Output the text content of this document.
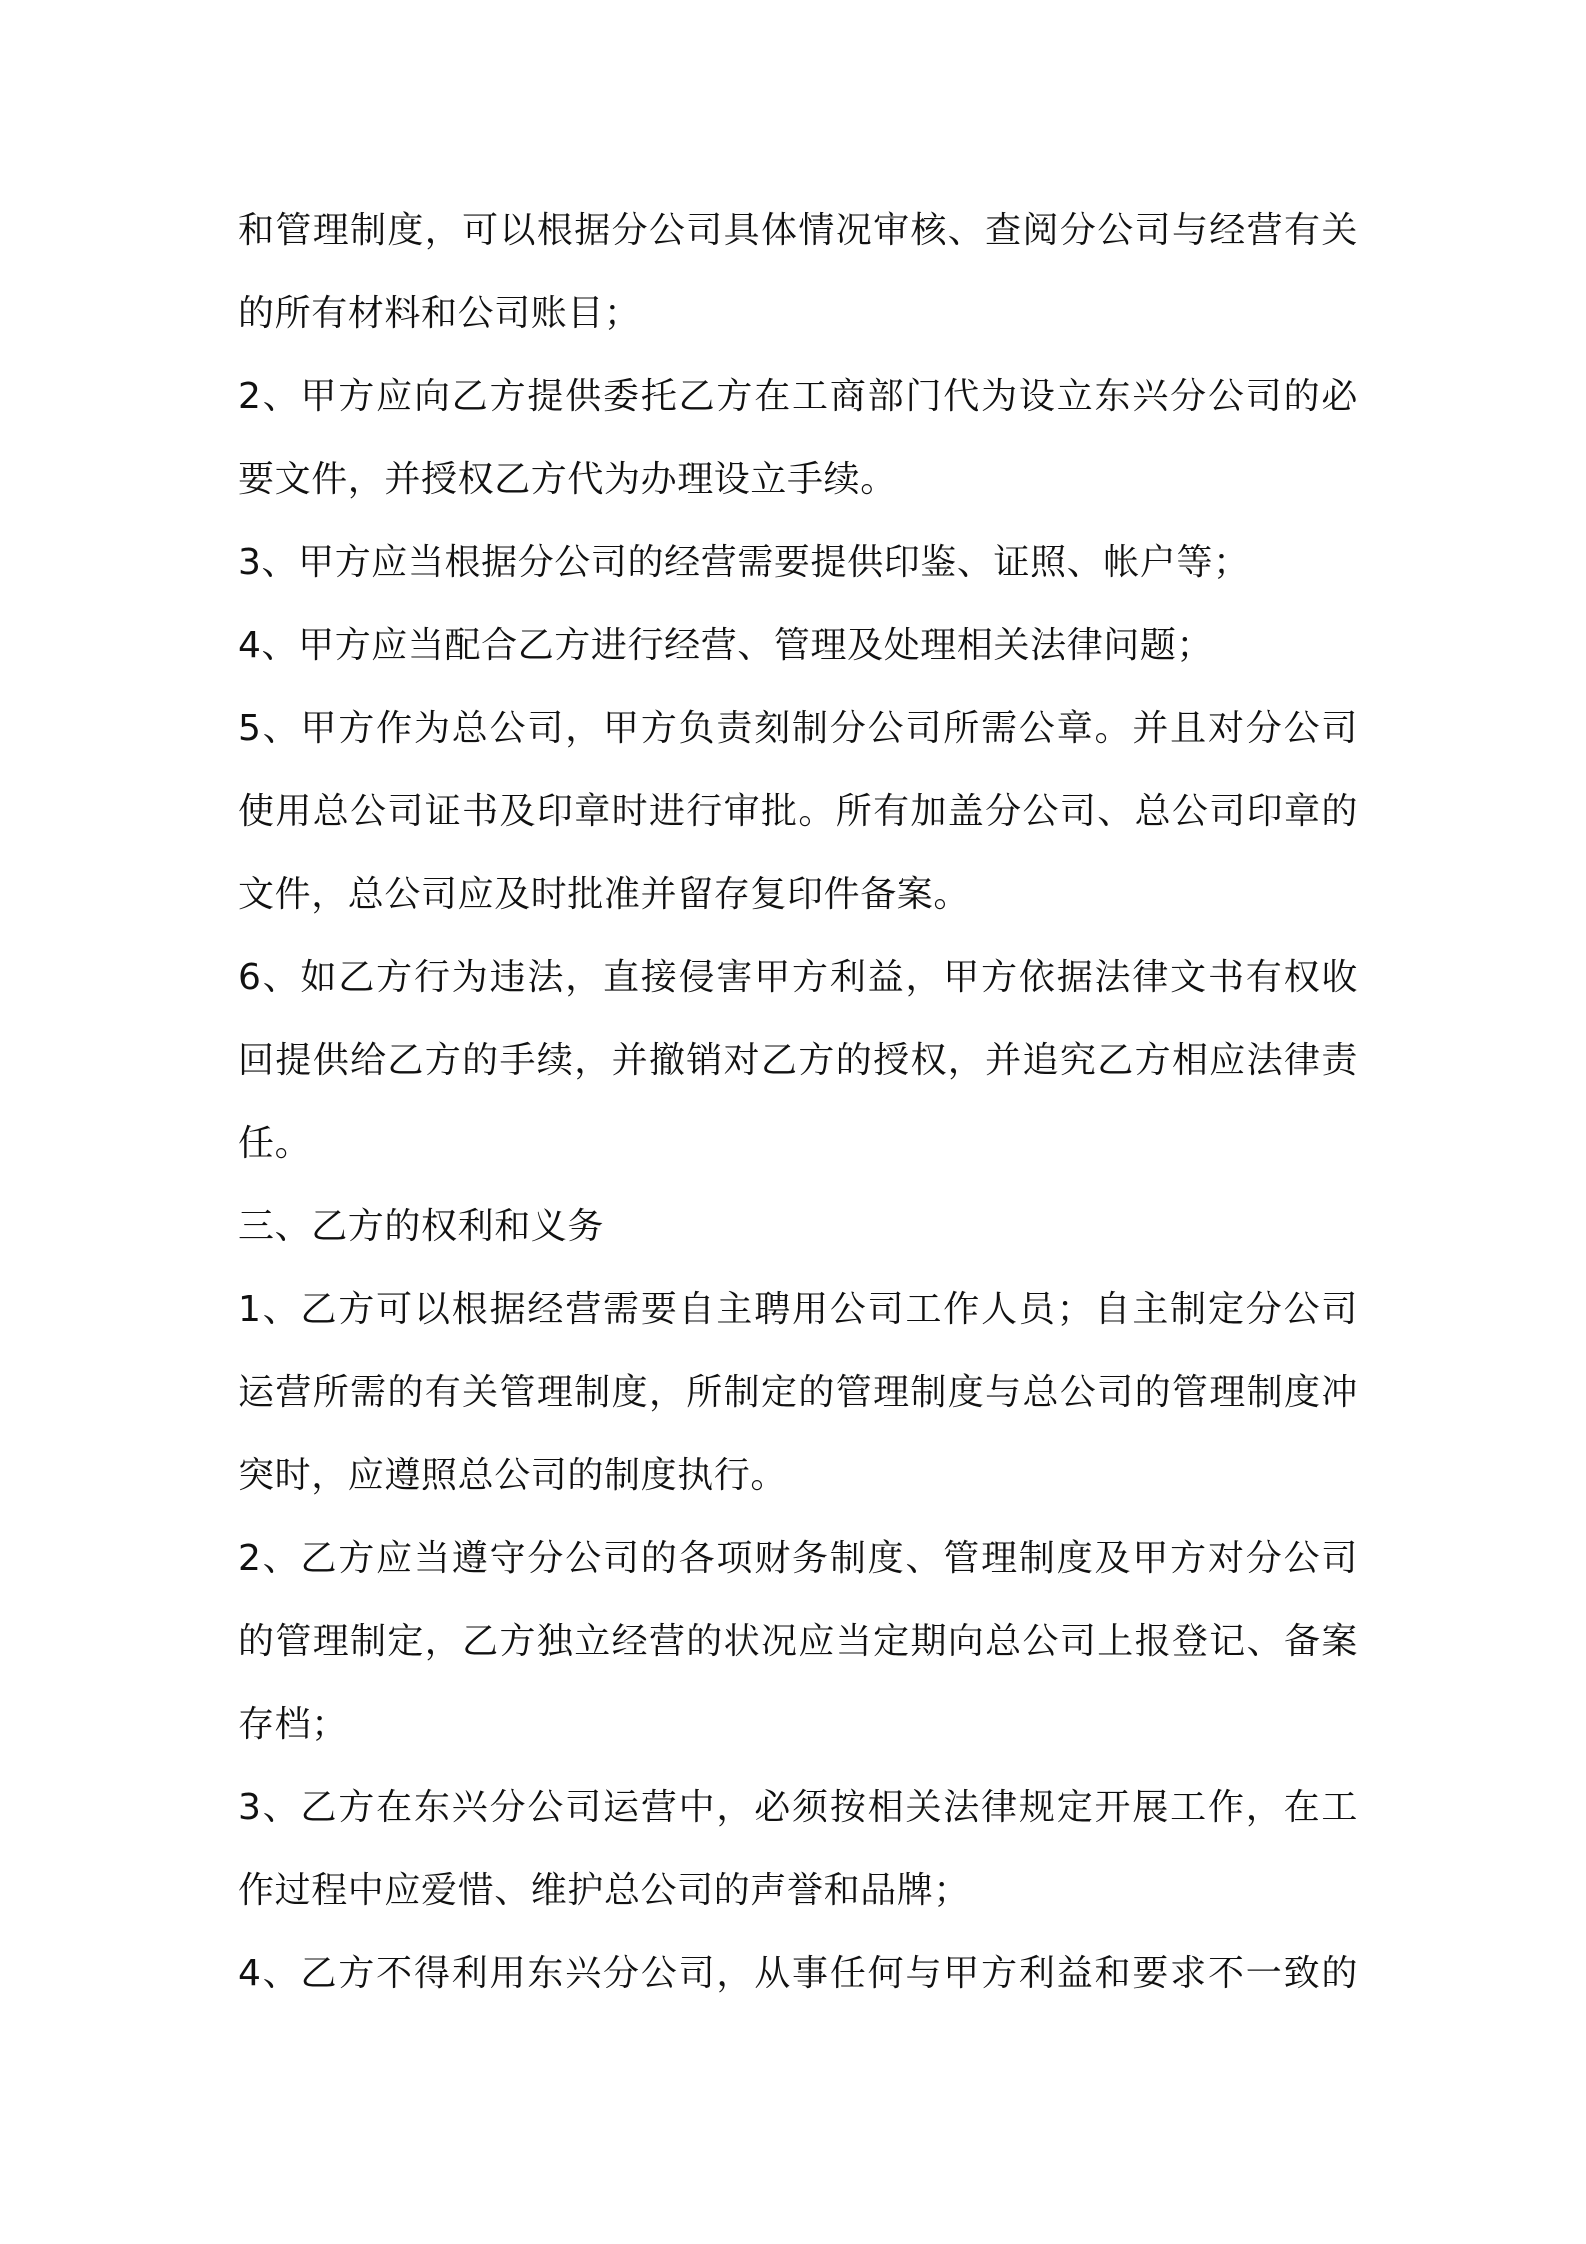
和管理制度，可以根据分公司具体情况审核、查阅分公司与经营有关
的所有材料和公司账目；
2、甲方应向乙方提供委托乙方在工商部门代为设立东兴分公司的必
要文件，并授权乙方代为办理设立手续。
3、甲方应当根据分公司的经营需要提供印鉴、证照、帐户等；
4、甲方应当配合乙方进行经营、管理及处理相关法律问题；
5、甲方作为总公司，甲方负责刻制分公司所需公章。并且对分公司
使用总公司证书及印章时进行审批。所有加盖分公司、总公司印章的
文件，总公司应及时批准并留存复印件备案。
6、如乙方行为违法，直接侵害甲方利益，甲方依据法律文书有权收
回提供给乙方的手续，并撤销对乙方的授权，并追究乙方相应法律责
任。
三、乙方的权利和义务
1、乙方可以根据经营需要自主聘用公司工作人员；自主制定分公司
运营所需的有关管理制度，所制定的管理制度与总公司的管理制度冲
突时，应遵照总公司的制度执行。
2、乙方应当遵守分公司的各项财务制度、管理制度及甲方对分公司
的管理制定，乙方独立经营的状况应当定期向总公司上报登记、备案
存档；
3、乙方在东兴分公司运营中，必须按相关法律规定开展工作，在工
作过程中应爱惜、维护总公司的声誉和品牌；
4、乙方不得利用东兴分公司，从事任何与甲方利益和要求不一致的
